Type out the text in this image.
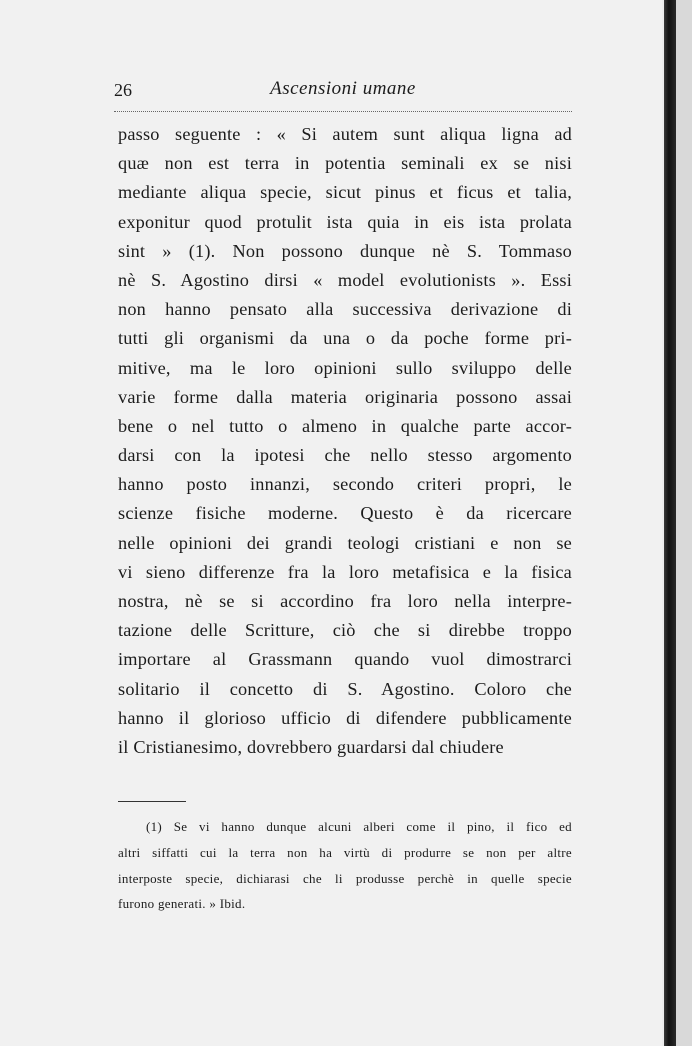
26	Ascensioni umane
passo seguente : « Si autem sunt aliqua ligna ad
quæ non est terra in potentia seminali ex se nisi
mediante aliqua specie, sicut pinus et ficus et talia,
exponitur quod protulit ista quia in eis ista prolata
sint » (1). Non possono dunque nè S. Tommaso
nè S. Agostino dirsi « model evolutionists ». Essi
non hanno pensato alla successiva derivazione di
tutti gli organismi da una o da poche forme pri-
mitive, ma le loro opinioni sullo sviluppo delle
varie forme dalla materia originaria possono assai
bene o nel tutto o almeno in qualche parte accor-
darsi con la ipotesi che nello stesso argomento
hanno posto innanzi, secondo criteri propri, le
scienze fisiche moderne. Questo è da ricercare
nelle opinioni dei grandi teologi cristiani e non se
vi sieno differenze fra la loro metafisica e la fisica
nostra, nè se si accordino fra loro nella interpre-
tazione delle Scritture, ciò che si direbbe troppo
importare al Grassmann quando vuol dimostrarci
solitario il concetto di S. Agostino. Coloro che
hanno il glorioso ufficio di difendere pubblicamente
il Cristianesimo, dovrebbero guardarsi dal chiudere
(1) Se vi hanno dunque alcuni alberi come il pino, il fico ed
altri siffatti cui la terra non ha virtù di produrre se non per altre
interposte specie, dichiarasi che li produsse perchè in quelle specie
furono generati. » Ibid.
